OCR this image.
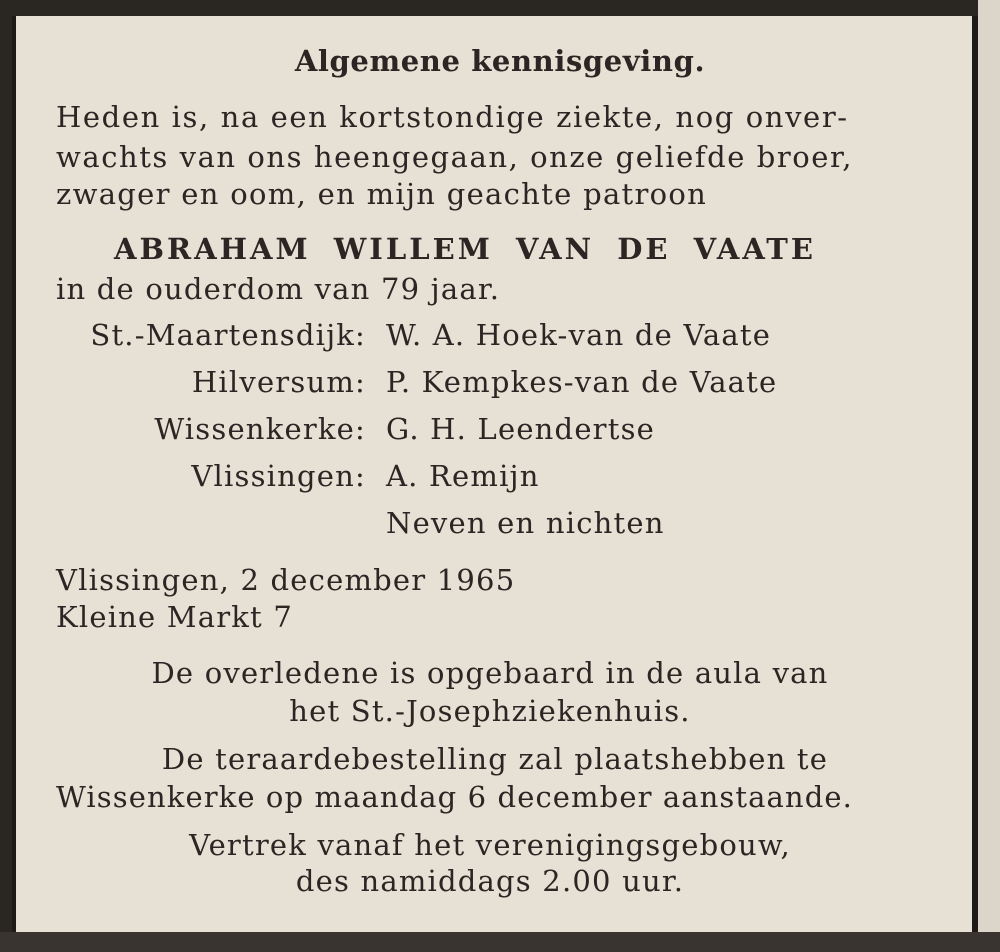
Algemene kennisgeving.
Heden is, na een kortstondige ziekte, nog onver-
wachts van ons heengegaan, onze geliefde broer,
zwager en oom, en mijn geachte patroon
ABRAHAM WILLEM VAN DE VAATE
in de ouderdom van 79 jaar.
St.-Maartensdijk:
Hilversum:
Wissenkerke:
Vlissingen:
W. A. Hoek-van de Vaate
P. Kempkes-van de Vaate
G. H. Leendertse
A. Remijn
Neven en nichten
Vlissingen, 2 december 1965
Kleine Markt 7
De overledene is opgebaard in de aula van
het St.-Josephziekenhuis.
De teraardebestelling zal plaatshebben te
Wissenkerke op maandag 6 december aanstaande.
Vertrek vanaf het verenigingsgebouw,
des namiddags 2.00 uur.
